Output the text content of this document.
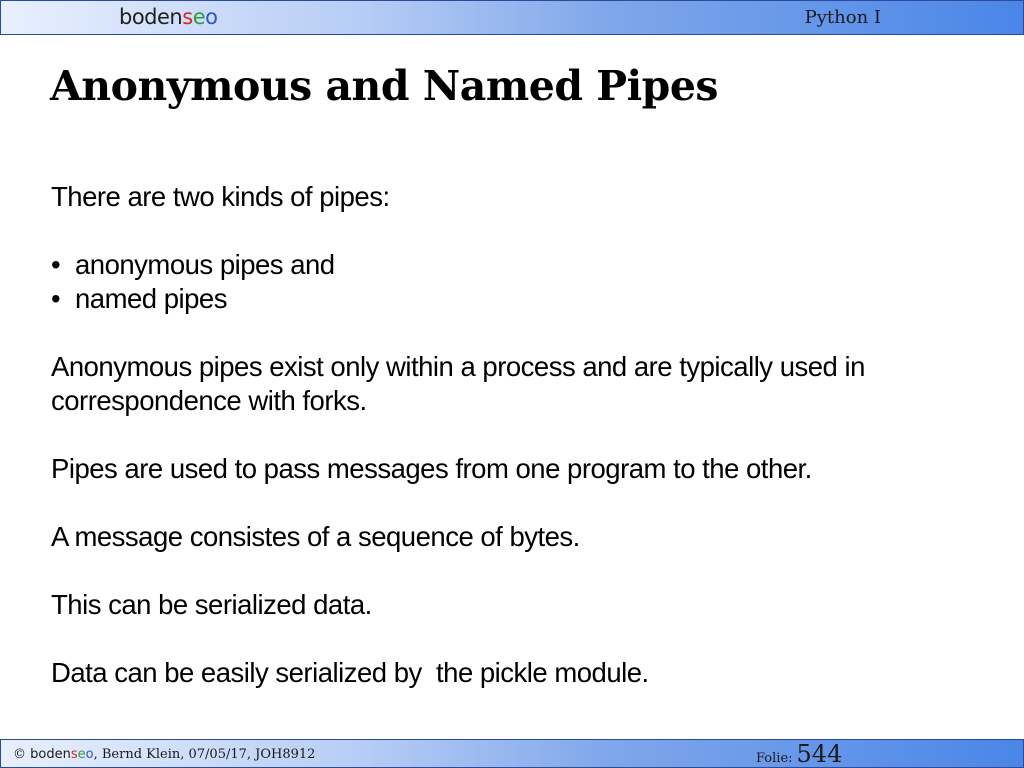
bodenseo	Python I
Anonymous and Named Pipes

There are two kinds of pipes:

• anonymous pipes and
• named pipes

Anonymous pipes exist only within a process and are typically used in correspondence with forks.

Pipes are used to pass messages from one program to the other.

A message consistes of a sequence of bytes.

This can be serialized data.

Data can be easily serialized by  the pickle module.

© bodenseo, Bernd Klein, 07/05/17, JOH8912	Folie: 544
